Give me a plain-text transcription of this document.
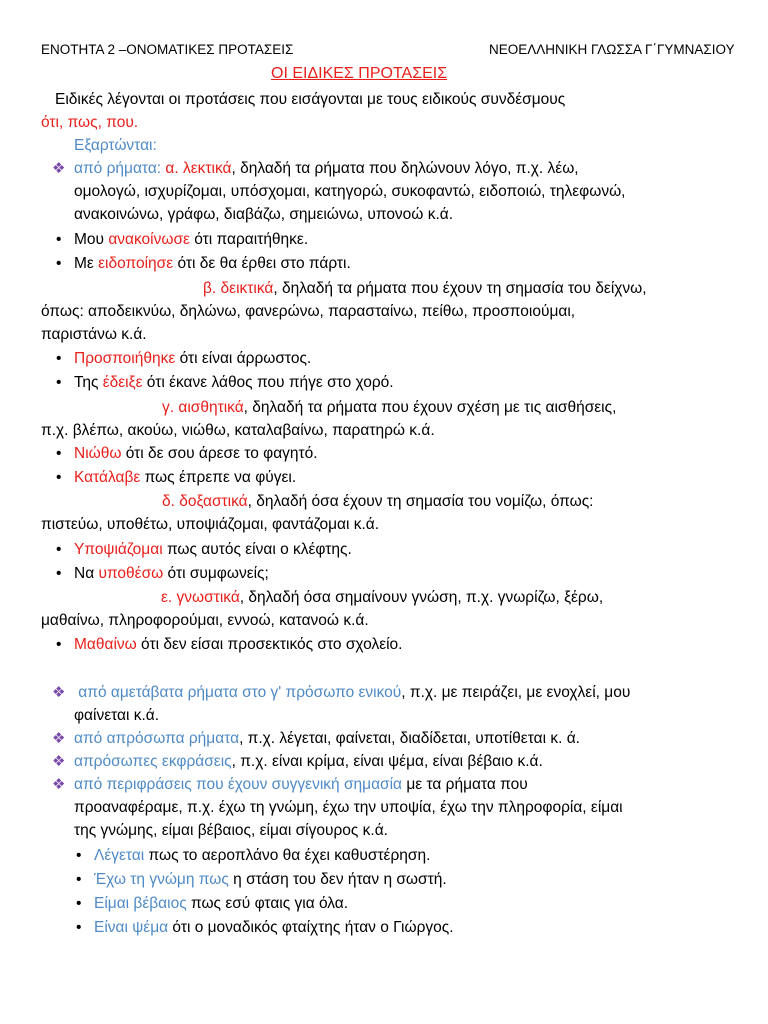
ΕΝΟΤΗΤΑ 2 –ΟΝΟΜΑΤΙΚΕΣ ΠΡΟΤΑΣΕΙΣ	ΝΕΟΕΛΛΗΝΙΚΗ ΓΛΩΣΣΑ Γ΄ΓΥΜΝΑΣΙΟΥ
ΟΙ ΕΙΔΙΚΕΣ ΠΡΟΤΑΣΕΙΣ
Ειδικές λέγονται οι προτάσεις που εισάγονται με τους ειδικούς συνδέσμους
ότι, πως, που.
Εξαρτώνται:
❖ από ρήματα: α. λεκτικά, δηλαδή τα ρήματα που δηλώνουν λόγο, π.χ. λέω,
ομολογώ, ισχυρίζομαι, υπόσχομαι, κατηγορώ, συκοφαντώ, ειδοποιώ, τηλεφωνώ,
ανακοινώνω, γράφω, διαβάζω, σημειώνω, υπονοώ κ.ά.
• Μου ανακοίνωσε ότι παραιτήθηκε.
• Με ειδοποίησε ότι δε θα έρθει στο πάρτι.
β. δεικτικά, δηλαδή τα ρήματα που έχουν τη σημασία του δείχνω,
όπως: αποδεικνύω, δηλώνω, φανερώνω, παρασταίνω, πείθω, προσποιούμαι,
παριστάνω κ.ά.
• Προσποιήθηκε ότι είναι άρρωστος.
• Της έδειξε ότι έκανε λάθος που πήγε στο χορό.
γ. αισθητικά, δηλαδή τα ρήματα που έχουν σχέση με τις αισθήσεις,
π.χ. βλέπω, ακούω, νιώθω, καταλαβαίνω, παρατηρώ κ.ά.
• Νιώθω ότι δε σου άρεσε το φαγητό.
• Κατάλαβε πως έπρεπε να φύγει.
δ. δοξαστικά, δηλαδή όσα έχουν τη σημασία του νομίζω, όπως:
πιστεύω, υποθέτω, υποψιάζομαι, φαντάζομαι κ.ά.
• Υποψιάζομαι πως αυτός είναι ο κλέφτης.
• Να υποθέσω ότι συμφωνείς;
ε. γνωστικά, δηλαδή όσα σημαίνουν γνώση, π.χ. γνωρίζω, ξέρω,
μαθαίνω, πληροφορούμαι, εννοώ, κατανοώ κ.ά.
• Μαθαίνω ότι δεν είσαι προσεκτικός στο σχολείο.
❖ από αμετάβατα ρήματα στο γ' πρόσωπο ενικού, π.χ. με πειράζει, με ενοχλεί, μου
φαίνεται κ.ά.
❖ από απρόσωπα ρήματα, π.χ. λέγεται, φαίνεται, διαδίδεται, υποτίθεται κ. ά.
❖ απρόσωπες εκφράσεις, π.χ. είναι κρίμα, είναι ψέμα, είναι βέβαιο κ.ά.
❖ από περιφράσεις που έχουν συγγενική σημασία με τα ρήματα που
προαναφέραμε, π.χ. έχω τη γνώμη, έχω την υποψία, έχω την πληροφορία, είμαι
της γνώμης, είμαι βέβαιος, είμαι σίγουρος κ.ά.
• Λέγεται πως το αεροπλάνο θα έχει καθυστέρηση.
• Έχω τη γνώμη πως η στάση του δεν ήταν η σωστή.
• Είμαι βέβαιος πως εσύ φταις για όλα.
• Είναι ψέμα ότι ο μοναδικός φταίχτης ήταν ο Γιώργος.
